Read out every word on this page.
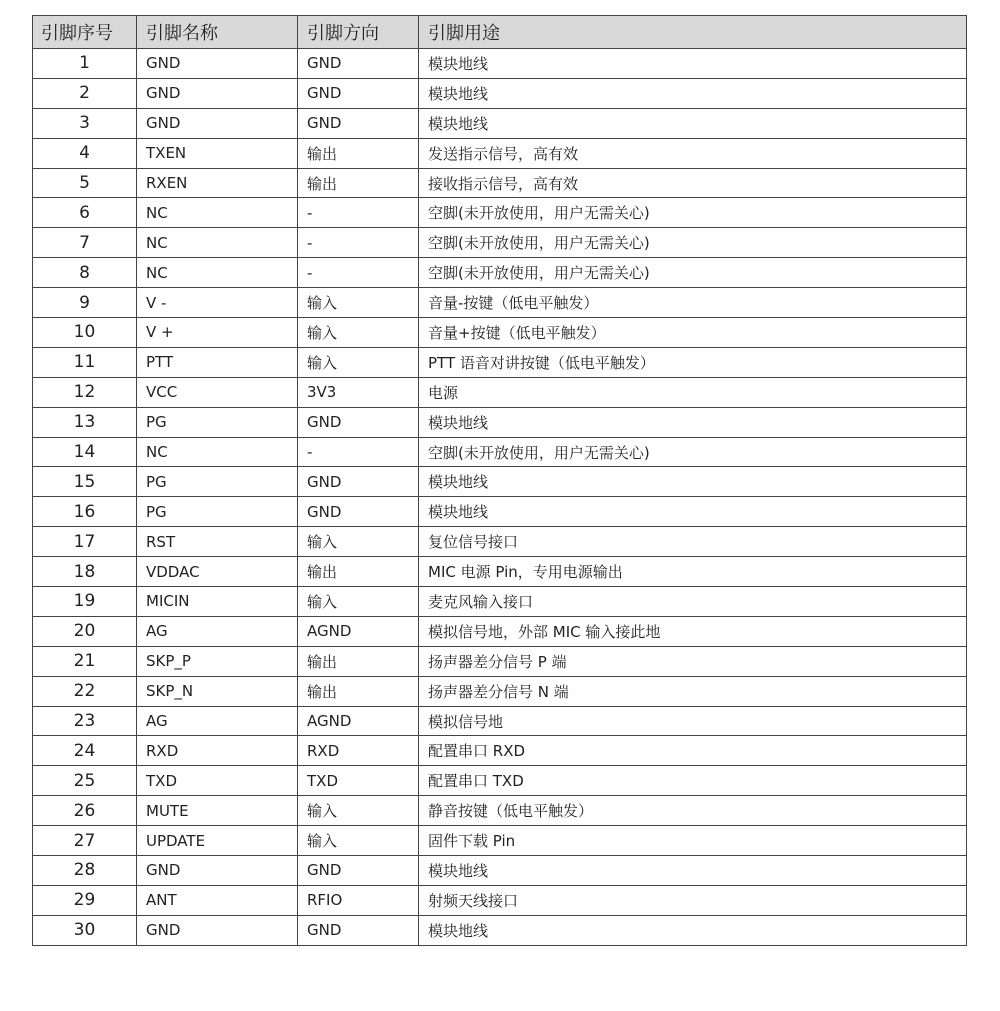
引脚序号	引脚名称	引脚方向	引脚用途
1	GND	GND	模块地线
2	GND	GND	模块地线
3	GND	GND	模块地线
4	TXEN	输出	发送指示信号，高有效
5	RXEN	输出	接收指示信号，高有效
6	NC	-	空脚(未开放使用，用户无需关心)
7	NC	-	空脚(未开放使用，用户无需关心)
8	NC	-	空脚(未开放使用，用户无需关心)
9	V -	输入	音量-按键（低电平触发）
10	V +	输入	音量+按键（低电平触发）
11	PTT	输入	PTT 语音对讲按键（低电平触发）
12	VCC	3V3	电源
13	PG	GND	模块地线
14	NC	-	空脚(未开放使用，用户无需关心)
15	PG	GND	模块地线
16	PG	GND	模块地线
17	RST	输入	复位信号接口
18	VDDAC	输出	MIC 电源 Pin，专用电源输出
19	MICIN	输入	麦克风输入接口
20	AG	AGND	模拟信号地，外部 MIC 输入接此地
21	SKP_P	输出	扬声器差分信号 P 端
22	SKP_N	输出	扬声器差分信号 N 端
23	AG	AGND	模拟信号地
24	RXD	RXD	配置串口 RXD
25	TXD	TXD	配置串口 TXD
26	MUTE	输入	静音按键（低电平触发）
27	UPDATE	输入	固件下载 Pin
28	GND	GND	模块地线
29	ANT	RFIO	射频天线接口
30	GND	GND	模块地线
